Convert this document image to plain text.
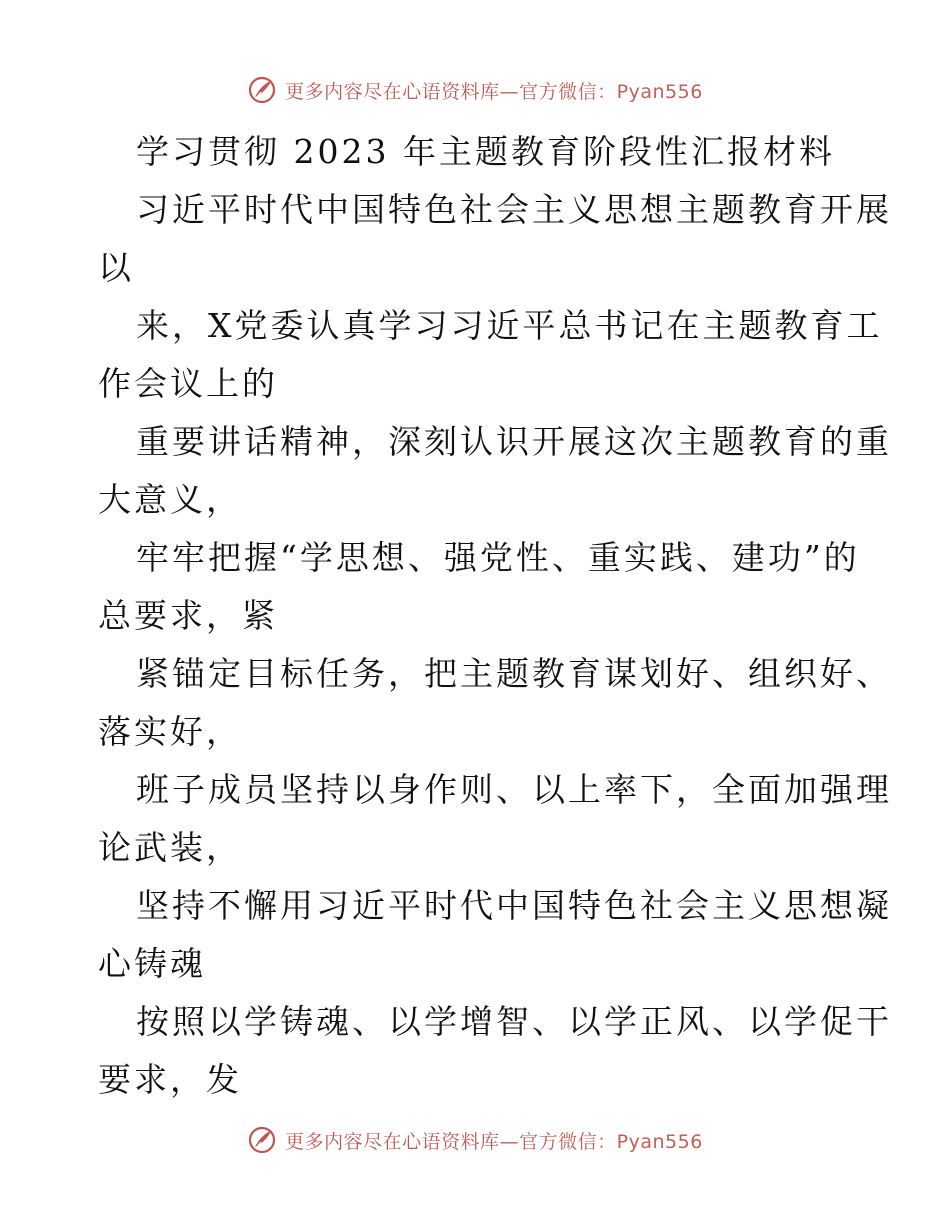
更多内容尽在心语资料库—官方微信：Pyan556
学习贯彻 2023 年主题教育阶段性汇报材料
习近平时代中国特色社会主义思想主题教育开展
以
来，X党委认真学习习近平总书记在主题教育工
作会议上的
重要讲话精神，深刻认识开展这次主题教育的重
大意义，
牢牢把握“学思想、强党性、重实践、建功”的
总要求，紧
紧锚定目标任务，把主题教育谋划好、组织好、
落实好，
班子成员坚持以身作则、以上率下，全面加强理
论武装，
坚持不懈用习近平时代中国特色社会主义思想凝
心铸魂
按照以学铸魂、以学增智、以学正风、以学促干
要求，发
更多内容尽在心语资料库—官方微信：Pyan556
